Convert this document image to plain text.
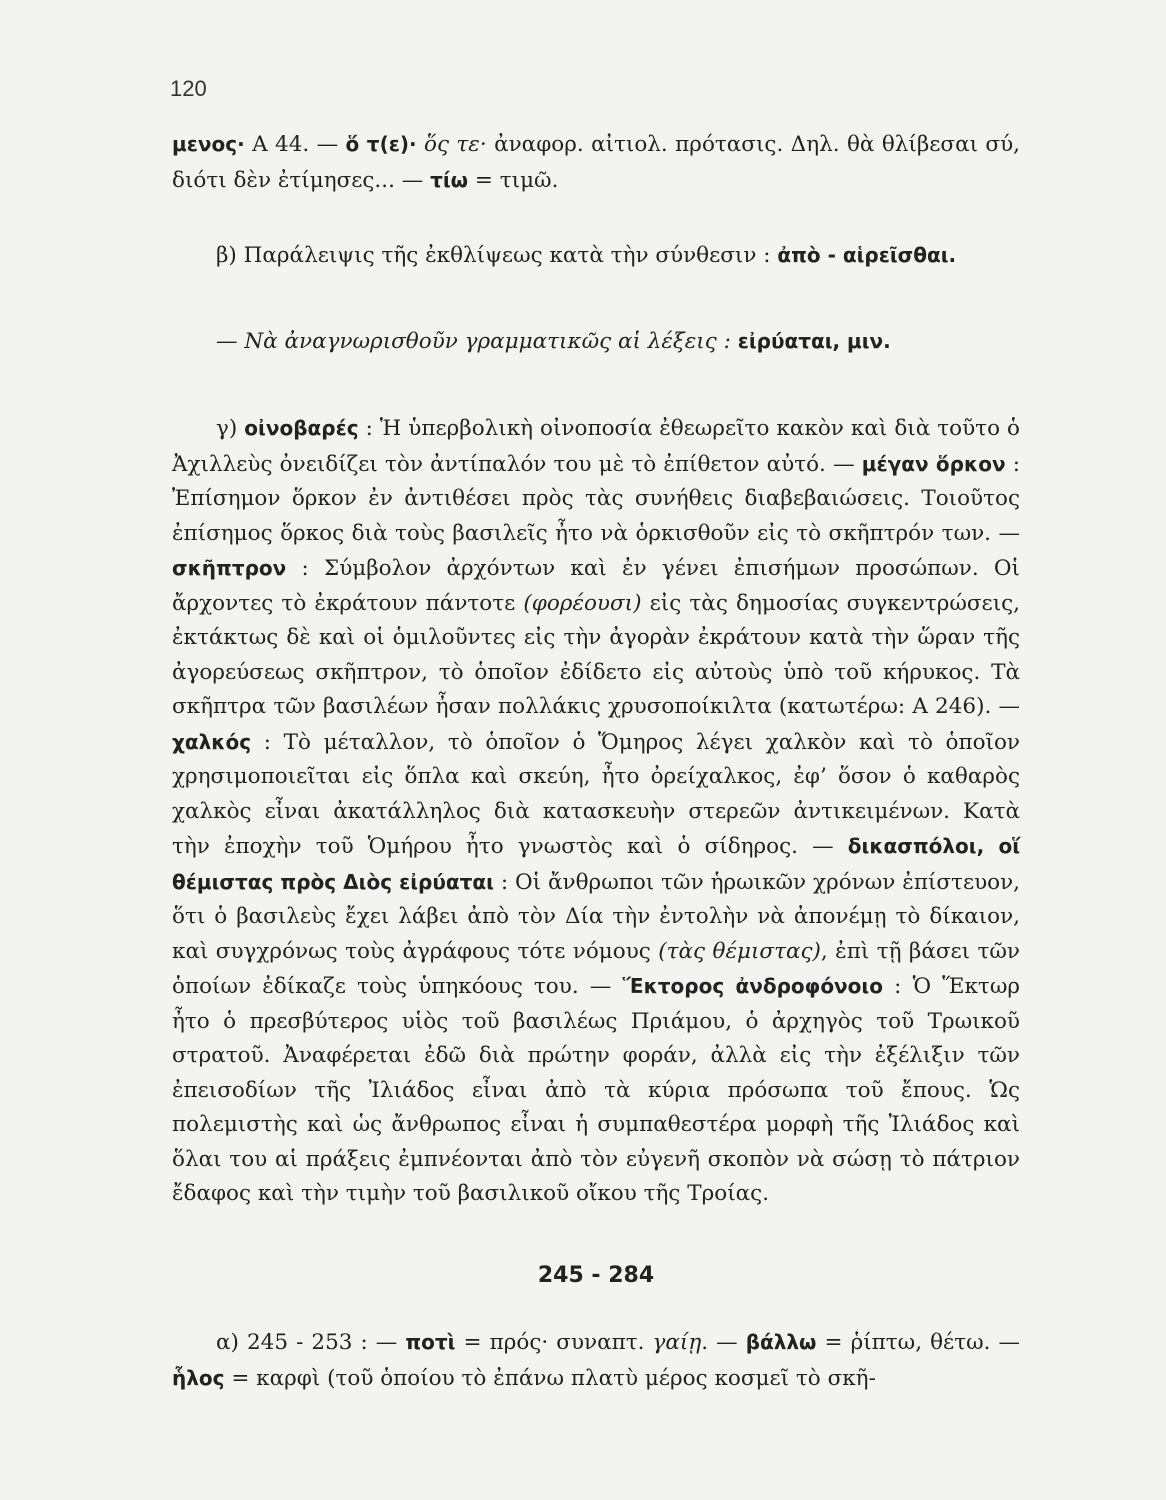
120

μενος· Α 44. — ὅ τ(ε)· ὅς τε· ἀναφορ. αἰτιολ. πρότασις. Δηλ. θὰ θλίβεσαι σύ, διότι δὲν ἐτίμησες... — τίω = τιμῶ.

β) Παράλειψις τῆς ἐκθλίψεως κατὰ τὴν σύνθεσιν : ἀπὸ - αἱρεῖσθαι.

— Νὰ ἀναγνωρισθοῦν γραμματικῶς αἱ λέξεις : εἰρύαται, μιν.

γ) οἰνοβαρές : Ἡ ὑπερβολικὴ οἰνοποσία ἐθεωρεῖτο κακὸν καὶ διὰ τοῦτο ὁ Ἀχιλλεὺς ὀνειδίζει τὸν ἀντίπαλόν του μὲ τὸ ἐπίθετον αὐτό. — μέγαν ὅρκον : Ἐπίσημον ὅρκον ἐν ἀντιθέσει πρὸς τὰς συνήθεις διαβεβαιώσεις. Τοιοῦτος ἐπίσημος ὅρκος διὰ τοὺς βασιλεῖς ἦτο νὰ ὁρκισθοῦν εἰς τὸ σκῆπτρόν των. — σκῆπτρον : Σύμβολον ἀρχόντων καὶ ἐν γένει ἐπισήμων προσώπων. Οἱ ἄρχοντες τὸ ἐκράτουν πάντοτε (φορέουσι) εἰς τὰς δημοσίας συγκεντρώσεις, ἐκτάκτως δὲ καὶ οἱ ὁμιλοῦντες εἰς τὴν ἀγορὰν ἐκράτουν κατὰ τὴν ὥραν τῆς ἀγορεύσεως σκῆπτρον, τὸ ὁποῖον ἐδίδετο εἰς αὐτοὺς ὑπὸ τοῦ κήρυκος. Τὰ σκῆπτρα τῶν βασιλέων ἦσαν πολλάκις χρυσοποίκιλτα (κατωτέρω: Α 246). — χαλκός : Τὸ μέταλλον, τὸ ὁποῖον ὁ Ὅμηρος λέγει χαλκὸν καὶ τὸ ὁποῖον χρησιμοποιεῖται εἰς ὅπλα καὶ σκεύη, ἦτο ὀρείχαλκος, ἐφ’ ὅσον ὁ καθαρὸς χαλκὸς εἶναι ἀκατάλληλος διὰ κατασκευὴν στερεῶν ἀντικειμένων. Κατὰ τὴν ἐποχὴν τοῦ Ὁμήρου ἦτο γνωστὸς καὶ ὁ σίδηρος. — δικασπόλοι, οἵ θέμιστας πρὸς Διὸς εἰρύαται : Οἱ ἄνθρωποι τῶν ἡρωικῶν χρόνων ἐπίστευον, ὅτι ὁ βασιλεὺς ἔχει λάβει ἀπὸ τὸν Δία τὴν ἐντολὴν νὰ ἀπονέμῃ τὸ δίκαιον, καὶ συγχρόνως τοὺς ἀγράφους τότε νόμους (τὰς θέμιστας), ἐπὶ τῇ βάσει τῶν ὁποίων ἐδίκαζε τοὺς ὑπηκόους του. — Ἕκτορος ἀνδροφόνοιο : Ὁ Ἕκτωρ ἦτο ὁ πρεσβύτερος υἱὸς τοῦ βασιλέως Πριάμου, ὁ ἀρχηγὸς τοῦ Τρωικοῦ στρατοῦ. Ἀναφέρεται ἐδῶ διὰ πρώτην φοράν, ἀλλὰ εἰς τὴν ἐξέλιξιν τῶν ἐπεισοδίων τῆς Ἰλιάδος εἶναι ἀπὸ τὰ κύρια πρόσωπα τοῦ ἔπους. Ὡς πολεμιστὴς καὶ ὡς ἄνθρωπος εἶναι ἡ συμπαθεστέρα μορφὴ τῆς Ἰλιάδος καὶ ὅλαι του αἱ πράξεις ἐμπνέονται ἀπὸ τὸν εὐγενῆ σκοπὸν νὰ σώσῃ τὸ πάτριον ἔδαφος καὶ τὴν τιμὴν τοῦ βασιλικοῦ οἴκου τῆς Τροίας.

245 - 284

α) 245 - 253 : — ποτὶ = πρός· συναπτ. γαίῃ. — βάλλω = ῥίπτω, θέτω. — ἧλος = καρφὶ (τοῦ ὁποίου τὸ ἐπάνω πλατὺ μέρος κοσμεῖ τὸ σκῆ-
